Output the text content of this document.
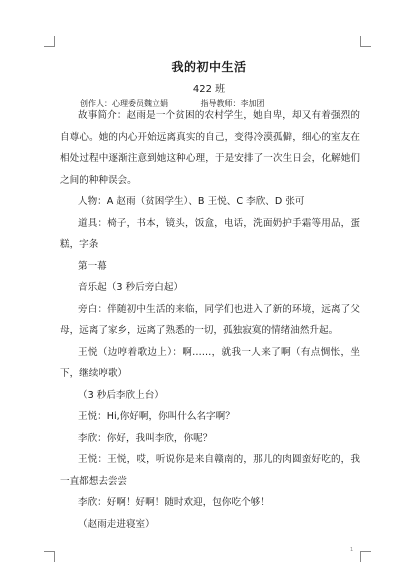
我的初中生活
422 班
创作人：心理委员魏立娟	指导教师：李加团

故事简介：赵雨是一个贫困的农村学生，她自卑，却又有着强烈的自尊心。她的内心开始远离真实的自己，变得冷漠孤僻，细心的室友在相处过程中逐渐注意到她这种心理，于是安排了一次生日会，化解她们之间的种种误会。

人物：A 赵雨（贫困学生）、B 王悦、C 李欣、D 张可

道具：椅子，书本，镜头，饭盒，电话，洗面奶护手霜等用品，蛋糕，字条

第一幕

音乐起（3 秒后旁白起）

旁白：伴随初中生活的来临，同学们也进入了新的环境，远离了父母，远离了家乡，远离了熟悉的一切，孤独寂寞的情绪油然升起。

王悦（边哼着歌边上）：啊……，就我一人来了啊（有点惆怅，坐下，继续哼歌）

（3 秒后李欣上台）

王悦：Hi,你好啊，你叫什么名字啊？

李欣：你好，我叫李欣，你呢？

王悦：王悦，哎，听说你是来自赣南的，那儿的肉圆蛮好吃的，我一直都想去尝尝

李欣：好啊！好啊！随时欢迎，包你吃个够！

（赵雨走进寝室）

1
